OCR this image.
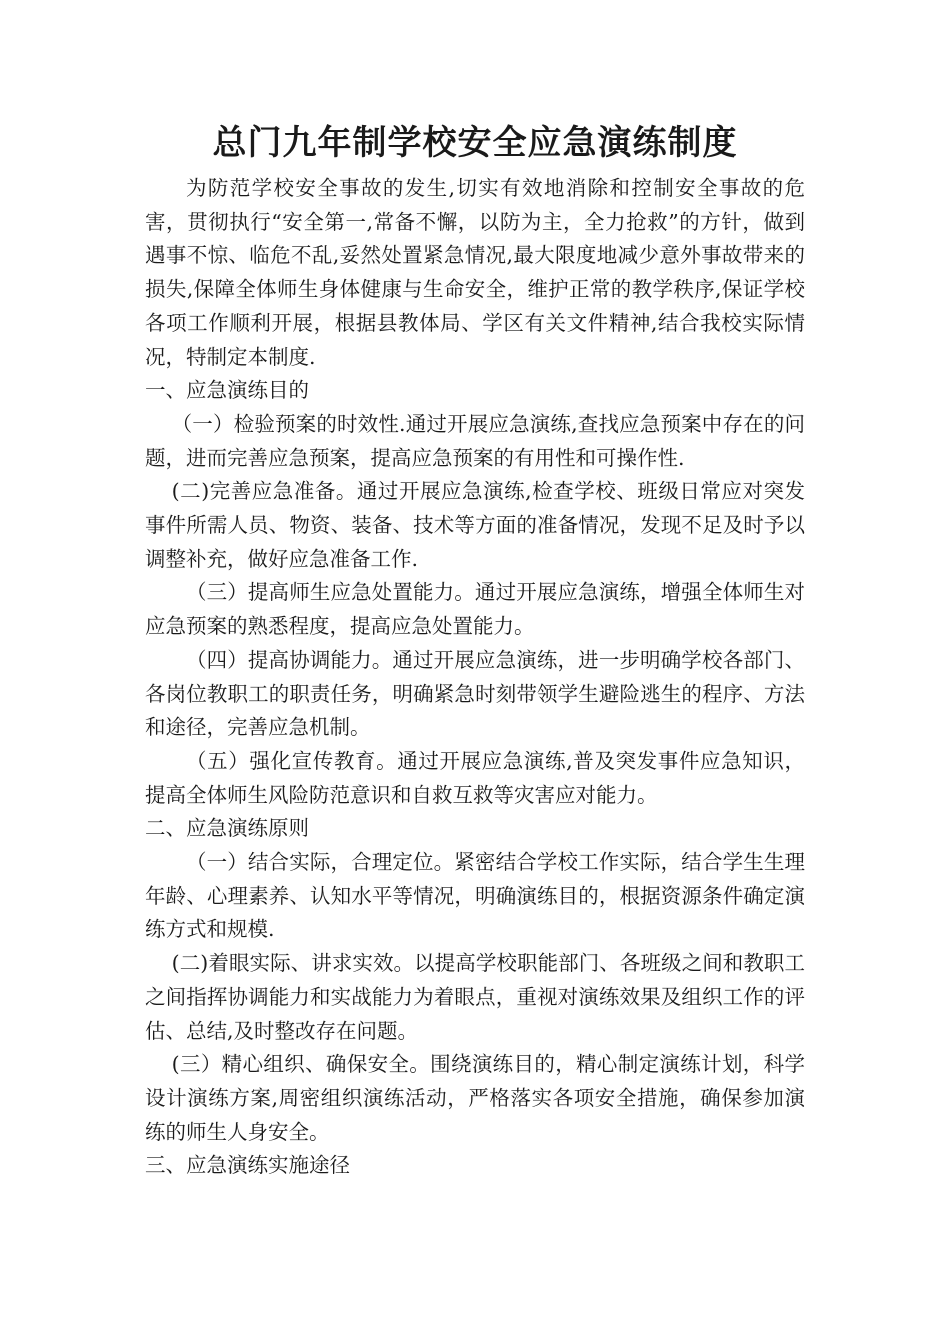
总门九年制学校安全应急演练制度

为防范学校安全事故的发生,切实有效地消除和控制安全事故的危害，贯彻执行“安全第一,常备不懈，以防为主，全力抢救”的方针，做到遇事不惊、临危不乱,妥然处置紧急情况,最大限度地减少意外事故带来的损失,保障全体师生身体健康与生命安全，维护正常的教学秩序,保证学校各项工作顺利开展，根据县教体局、学区有关文件精神,结合我校实际情况，特制定本制度.

一、应急演练目的

（一）检验预案的时效性.通过开展应急演练,查找应急预案中存在的问题，进而完善应急预案，提高应急预案的有用性和可操作性.

(二)完善应急准备。通过开展应急演练,检查学校、班级日常应对突发事件所需人员、物资、装备、技术等方面的准备情况，发现不足及时予以调整补充，做好应急准备工作.

（三）提高师生应急处置能力。通过开展应急演练，增强全体师生对应急预案的熟悉程度，提高应急处置能力。

（四）提高协调能力。通过开展应急演练，进一步明确学校各部门、各岗位教职工的职责任务，明确紧急时刻带领学生避险逃生的程序、方法和途径，完善应急机制。

（五）强化宣传教育。通过开展应急演练,普及突发事件应急知识，提高全体师生风险防范意识和自救互救等灾害应对能力。

二、应急演练原则

（一）结合实际，合理定位。紧密结合学校工作实际，结合学生生理年龄、心理素养、认知水平等情况，明确演练目的，根据资源条件确定演练方式和规模.

(二)着眼实际、讲求实效。以提高学校职能部门、各班级之间和教职工之间指挥协调能力和实战能力为着眼点，重视对演练效果及组织工作的评估、总结,及时整改存在问题。

(三）精心组织、确保安全。围绕演练目的，精心制定演练计划，科学设计演练方案,周密组织演练活动，严格落实各项安全措施，确保参加演练的师生人身安全。

三、应急演练实施途径
